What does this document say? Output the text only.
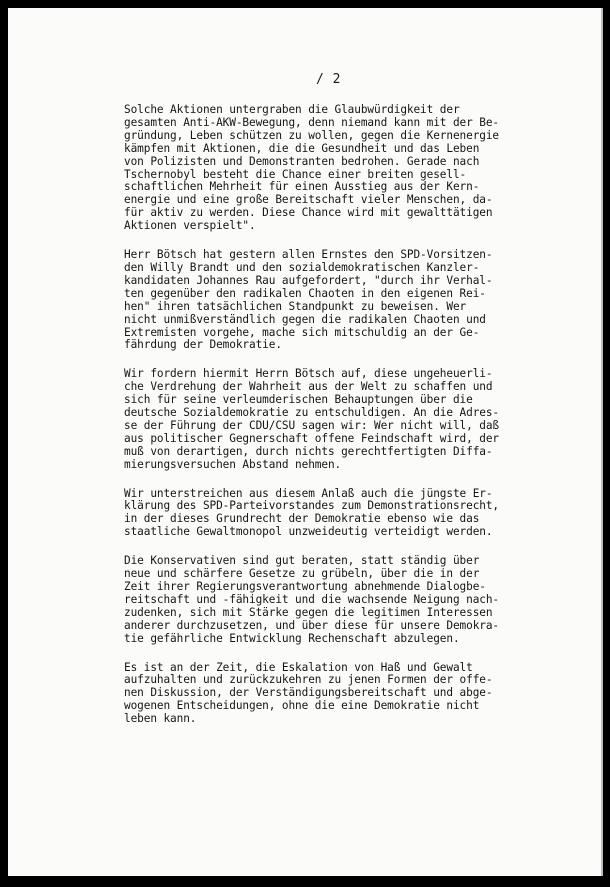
/ 2
Solche Aktionen untergraben die Glaubwürdigkeit der
gesamten Anti-AKW-Bewegung, denn niemand kann mit der Be-
gründung, Leben schützen zu wollen, gegen die Kernenergie
kämpfen mit Aktionen, die die Gesundheit und das Leben
von Polizisten und Demonstranten bedrohen. Gerade nach
Tschernobyl besteht die Chance einer breiten gesell-
schaftlichen Mehrheit für einen Ausstieg aus der Kern-
energie und eine große Bereitschaft vieler Menschen, da-
für aktiv zu werden. Diese Chance wird mit gewalttätigen
Aktionen verspielt".
Herr Bötsch hat gestern allen Ernstes den SPD-Vorsitzen-
den Willy Brandt und den sozialdemokratischen Kanzler-
kandidaten Johannes Rau aufgefordert, "durch ihr Verhal-
ten gegenüber den radikalen Chaoten in den eigenen Rei-
hen" ihren tatsächlichen Standpunkt zu beweisen. Wer
nicht unmißverständlich gegen die radikalen Chaoten und
Extremisten vorgehe, mache sich mitschuldig an der Ge-
fährdung der Demokratie.
Wir fordern hiermit Herrn Bötsch auf, diese ungeheuerli-
che Verdrehung der Wahrheit aus der Welt zu schaffen und
sich für seine verleumderischen Behauptungen über die
deutsche Sozialdemokratie zu entschuldigen. An die Adres-
se der Führung der CDU/CSU sagen wir: Wer nicht will, daß
aus politischer Gegnerschaft offene Feindschaft wird, der
muß von derartigen, durch nichts gerechtfertigten Diffa-
mierungsversuchen Abstand nehmen.
Wir unterstreichen aus diesem Anlaß auch die jüngste Er-
klärung des SPD-Parteivorstandes zum Demonstrationsrecht,
in der dieses Grundrecht der Demokratie ebenso wie das
staatliche Gewaltmonopol unzweideutig verteidigt werden.
Die Konservativen sind gut beraten, statt ständig über
neue und schärfere Gesetze zu grübeln, über die in der
Zeit ihrer Regierungsverantwortung abnehmende Dialogbe-
reitschaft und -fähigkeit und die wachsende Neigung nach-
zudenken, sich mit Stärke gegen die legitimen Interessen
anderer durchzusetzen, und über diese für unsere Demokra-
tie gefährliche Entwicklung Rechenschaft abzulegen.
Es ist an der Zeit, die Eskalation von Haß und Gewalt
aufzuhalten und zurückzukehren zu jenen Formen der offe-
nen Diskussion, der Verständigungsbereitschaft und abge-
wogenen Entscheidungen, ohne die eine Demokratie nicht
leben kann.
